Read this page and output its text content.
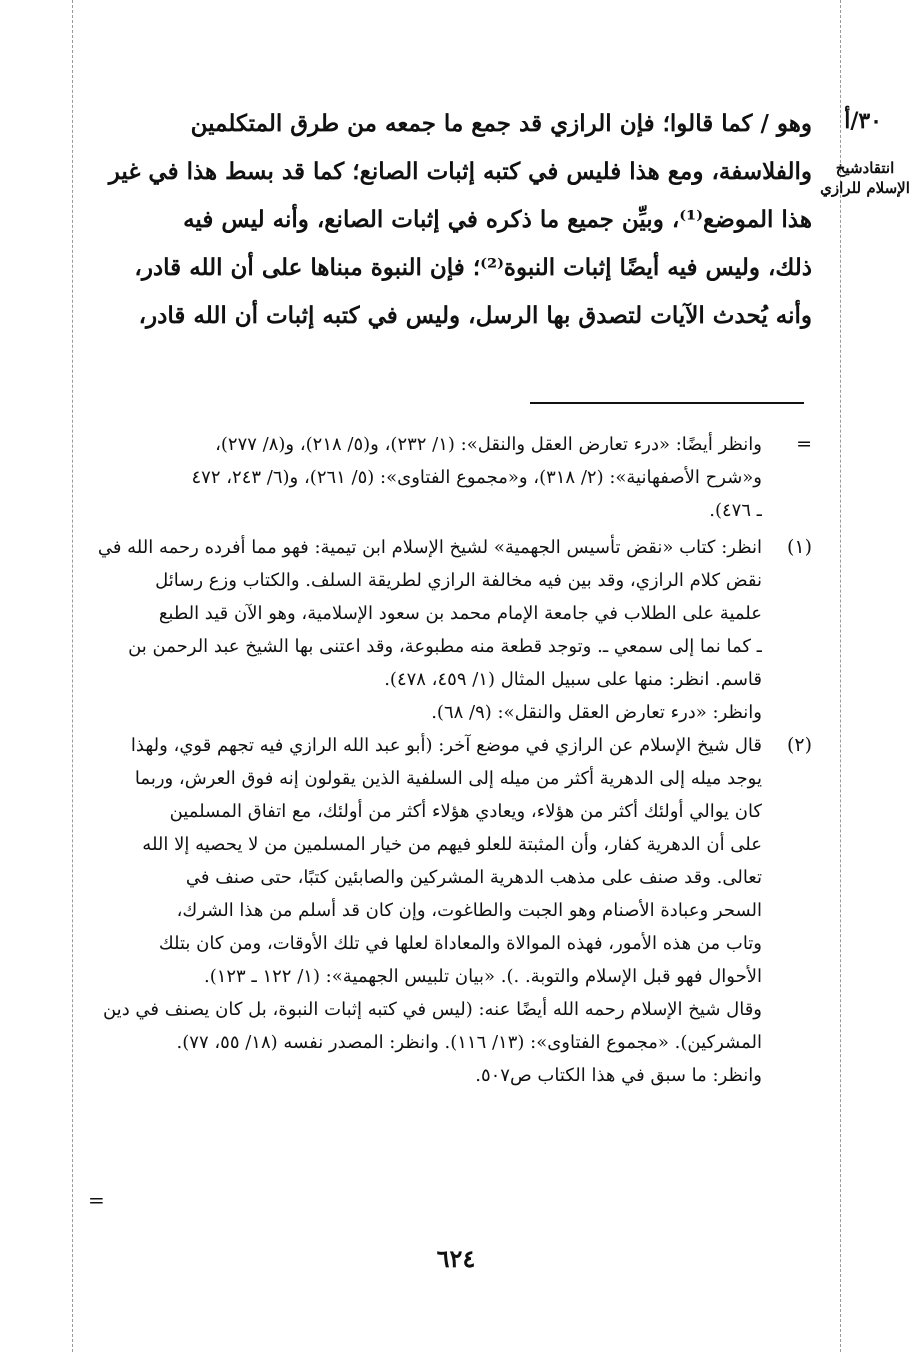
٣٠/أ
انتقادشيخ الإسلام للرازي

وهو / كما قالوا؛ فإن الرازي قد جمع ما جمعه من طرق المتكلمين

والفلاسفة، ومع هذا فليس في كتبه إثبات الصانع؛ كما قد بسط هذا في غير

هذا الموضع⁽¹⁾، وبيِّن جميع ما ذكره في إثبات الصانع، وأنه ليس فيه

ذلك، وليس فيه أيضًا إثبات النبوة⁽²⁾؛ فإن النبوة مبناها على أن الله قادر،

وأنه يُحدث الآيات لتصدق بها الرسل، وليس في كتبه إثبات أن الله قادر،

=

وانظر أيضًا: «درء تعارض العقل والنقل»: (١/ ٢٣٢)، و(٥/ ٢١٨)، و(٨/ ٢٧٧)،

و«شرح الأصفهانية»: (٢/ ٣١٨)، و«مجموع الفتاوى»: (٥/ ٢٦١)، و(٦/ ٢٤٣، ٤٧٢

ـ ٤٧٦).

(١)

انظر: كتاب «نقض تأسيس الجهمية» لشيخ الإسلام ابن تيمية: فهو مما أفرده رحمه الله في

نقض كلام الرازي، وقد بين فيه مخالفة الرازي لطريقة السلف. والكتاب وزع رسائل

علمية على الطلاب في جامعة الإمام محمد بن سعود الإسلامية، وهو الآن قيد الطبع

ـ كما نما إلى سمعي ـ. وتوجد قطعة منه مطبوعة، وقد اعتنى بها الشيخ عبد الرحمن بن

قاسم. انظر: منها على سبيل المثال (١/ ٤٥٩، ٤٧٨).

وانظر: «درء تعارض العقل والنقل»: (٩/ ٦٨).

(٢)

قال شيخ الإسلام عن الرازي في موضع آخر: (أبو عبد الله الرازي فيه تجهم قوي، ولهذا

يوجد ميله إلى الدهرية أكثر من ميله إلى السلفية الذين يقولون إنه فوق العرش، وربما

كان يوالي أولئك أكثر من هؤلاء، ويعادي هؤلاء أكثر من أولئك، مع اتفاق المسلمين

على أن الدهرية كفار، وأن المثبتة للعلو فيهم من خيار المسلمين من لا يحصيه إلا الله

تعالى. وقد صنف على مذهب الدهرية المشركين والصابئين كتبًا، حتى صنف في

السحر وعبادة الأصنام وهو الجبت والطاغوت، وإن كان قد أسلم من هذا الشرك،

وتاب من هذه الأمور، فهذه الموالاة والمعاداة لعلها في تلك الأوقات، ومن كان بتلك

الأحوال فهو قبل الإسلام والتوبة. .). «بيان تلبيس الجهمية»: (١/ ١٢٢ ـ ١٢٣).

وقال شيخ الإسلام رحمه الله أيضًا عنه: (ليس في كتبه إثبات النبوة، بل كان يصنف في دين

المشركين). «مجموع الفتاوى»: (١٣/ ١١٦). وانظر: المصدر نفسه (١٨/ ٥٥، ٧٧).

وانظر: ما سبق في هذا الكتاب ص٥٠٧.

=
٦٢٤
